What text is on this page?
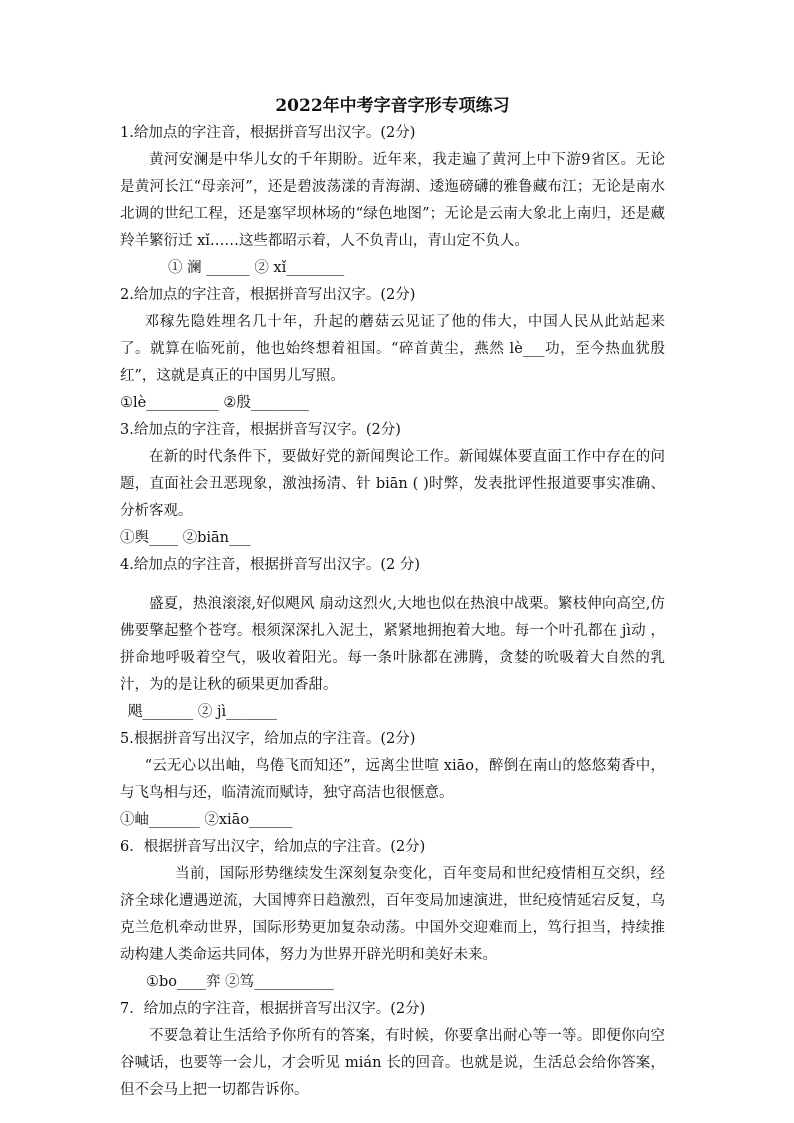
2022年中考字音字形专项练习

1.给加点的字注音，根据拼音写出汉字。(2分)

黄河安澜是中华儿女的千年期盼。近年来，我走遍了黄河上中下游9省区。无论是黄河长江“母亲河”，还是碧波荡漾的青海湖、逶迤磅礴的雅鲁藏布江；无论是南水北调的世纪工程，还是塞罕坝林场的“绿色地图”；无论是云南大象北上南归，还是藏羚羊繁衍迁 xǐ……这些都昭示着，人不负青山，青山定不负人。

① 澜 ______ ② xǐ________

2.给加点的字注音，根据拼音写出汉字。(2分)

邓稼先隐姓埋名几十年，升起的蘑菇云见证了他的伟大，中国人民从此站起来了。就算在临死前，他也始终想着祖国。“碎首黄尘，燕然 lè___功，至今热血犹殷红”，这就是真正的中国男儿写照。

①lè__________ ②殷________

3.给加点的字注音，根据拼音写汉字。(2分)

在新的时代条件下，要做好党的新闻舆论工作。新闻媒体要直面工作中存在的问题，直面社会丑恶现象，激浊扬清、针 biān ( )时弊，发表批评性报道要事实准确、分析客观。

①舆____ ②biān___

4.给加点的字注音，根据拼音写出汉字。(2 分)

盛夏，热浪滚滚,好似飓风 扇动这烈火,大地也似在热浪中战栗。繁枝伸向高空,仿佛要擎起整个苍穹。根须深深扎入泥土，紧紧地拥抱着大地。每一个叶孔都在 jì动 ，拼命地呼吸着空气，吸收着阳光。每一条叶脉都在沸腾，贪婪的吮吸着大自然的乳汁，为的是让秋的硕果更加香甜。

飓_______ ② jì_______

5.根据拼音写出汉字，给加点的字注音。(2分)

“云无心以出岫，鸟倦飞而知还”，远离尘世喧 xiāo，醉倒在南山的悠悠菊香中，与飞鸟相与还，临清流而赋诗，独守高洁也很惬意。

①岫_______ ②xiāo______

6．根据拼音写出汉字，给加点的字注音。(2分)

当前，国际形势继续发生深刻复杂变化，百年变局和世纪疫情相互交织，经济全球化遭遇逆流，大国博弈日趋激烈，百年变局加速演进，世纪疫情延宕反复，乌克兰危机牵动世界，国际形势更加复杂动荡。中国外交迎难而上，笃行担当，持续推动构建人类命运共同体，努力为世界开辟光明和美好未来。

①bo____弈 ②笃___________

7．给加点的字注音，根据拼音写出汉字。(2分)

不要急着让生活给予你所有的答案，有时候，你要拿出耐心等一等。即便你向空谷喊话，也要等一会儿，才会听见 mián 长的回音。也就是说，生活总会给你答案，但不会马上把一切都告诉你。
